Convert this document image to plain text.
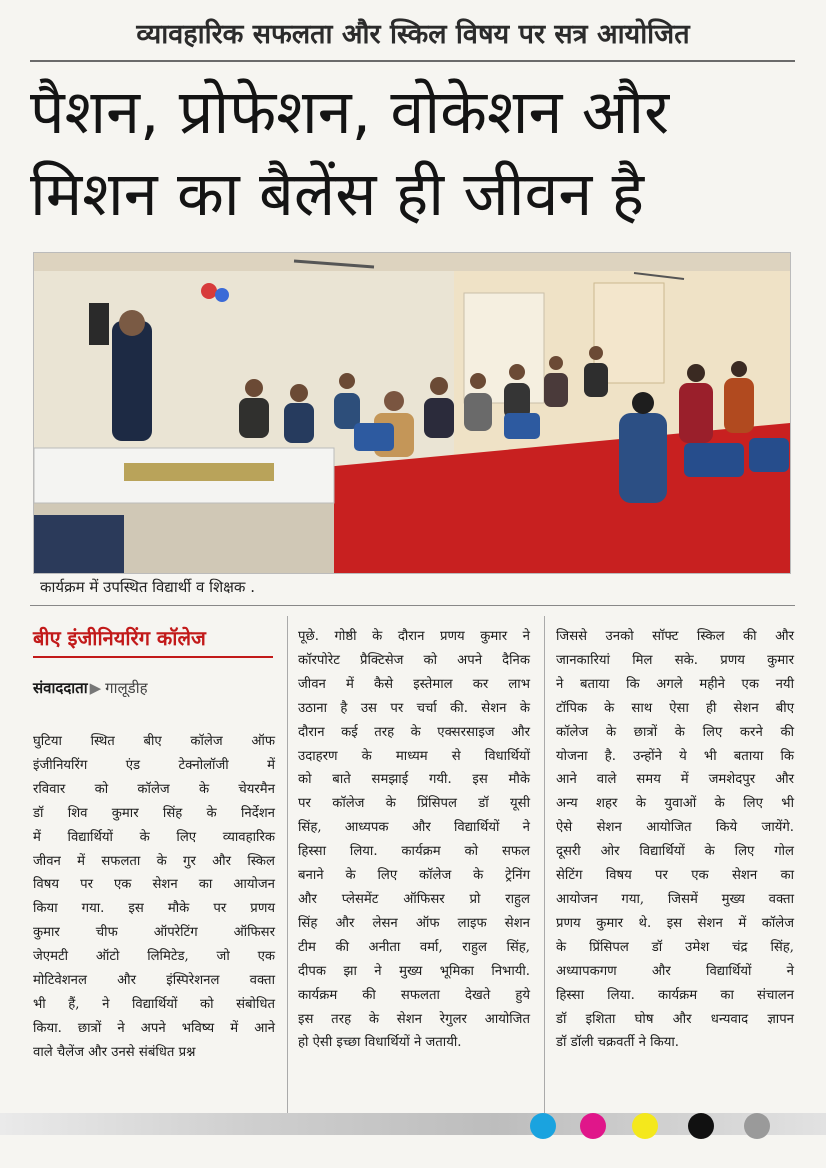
व्यावहारिक सफलता और स्किल विषय पर सत्र आयोजित
पैशन, प्रोफेशन, वोकेशन और
मिशन का बैलेंस ही जीवन है
कार्यक्रम में उपस्थित विद्यार्थी व शिक्षक .
बीए इंजीनियरिंग कॉलेज
संवाददाता ▶ गालूडीह

घुटिया स्थित बीए कॉलेज ऑफ

इंजीनियरिंग एंड टेक्नोलॉजी में

रविवार को कॉलेज के चेयरमैन

डॉ शिव कुमार सिंह के निर्देशन

में विद्यार्थियों के लिए व्यावहारिक

जीवन में सफलता के गुर और स्किल

विषय पर एक सेशन का आयोजन

किया गया. इस मौके पर प्रणय

कुमार चीफ ऑपरेटिंग ऑफिसर

जेएमटी ऑटो लिमिटेड, जो एक

मोटिवेशनल और इंस्पिरेशनल वक्ता

भी हैं, ने विद्यार्थियों को संबोधित

किया. छात्रों ने अपने भविष्य में आने

वाले चैलेंज और उनसे संबंधित प्रश्न

पूछे. गोष्ठी के दौरान प्रणय कुमार ने

कॉरपोरेट प्रैक्टिसेज को अपने दैनिक

जीवन में कैसे इस्तेमाल कर लाभ

उठाना है उस पर चर्चा की. सेशन के

दौरान कई तरह के एक्सरसाइज और

उदाहरण के माध्यम से विधार्थियों

को बाते समझाई गयी. इस मौके

पर कॉलेज के प्रिंसिपल डॉ यूसी

सिंह, आध्यपक और विद्यार्थियों ने

हिस्सा लिया. कार्यक्रम को सफल

बनाने के लिए कॉलेज के ट्रेनिंग

और प्लेसमेंट ऑफिसर प्रो राहुल

सिंह और लेसन ऑफ लाइफ सेशन

टीम की अनीता वर्मा, राहुल सिंह,

दीपक झा ने मुख्य भूमिका निभायी.

कार्यक्रम की सफलता देखते हुये

इस तरह के सेशन रेगुलर आयोजित

हो ऐसी इच्छा विधार्थियों ने जतायी.

जिससे उनको सॉफ्ट स्किल की और

जानकारियां मिल सके. प्रणय कुमार

ने बताया कि अगले महीने एक नयी

टॉपिक के साथ ऐसा ही सेशन बीए

कॉलेज के छात्रों के लिए करने की

योजना है. उन्होंने ये भी बताया कि

आने वाले समय में जमशेदपुर और

अन्य शहर के युवाओं के लिए भी

ऐसे सेशन आयोजित किये जायेंगे.

दूसरी ओर विद्यार्थियों के लिए गोल

सेटिंग विषय पर एक सेशन का

आयोजन गया, जिसमें मुख्य वक्ता

प्रणय कुमार थे. इस सेशन में कॉलेज

के प्रिंसिपल डॉ उमेश चंद्र सिंह,

अध्यापकगण और विद्यार्थियों ने

हिस्सा लिया. कार्यक्रम का संचालन

डॉ इशिता घोष और धन्यवाद ज्ञापन

डॉ डॉली चक्रवर्ती ने किया.
